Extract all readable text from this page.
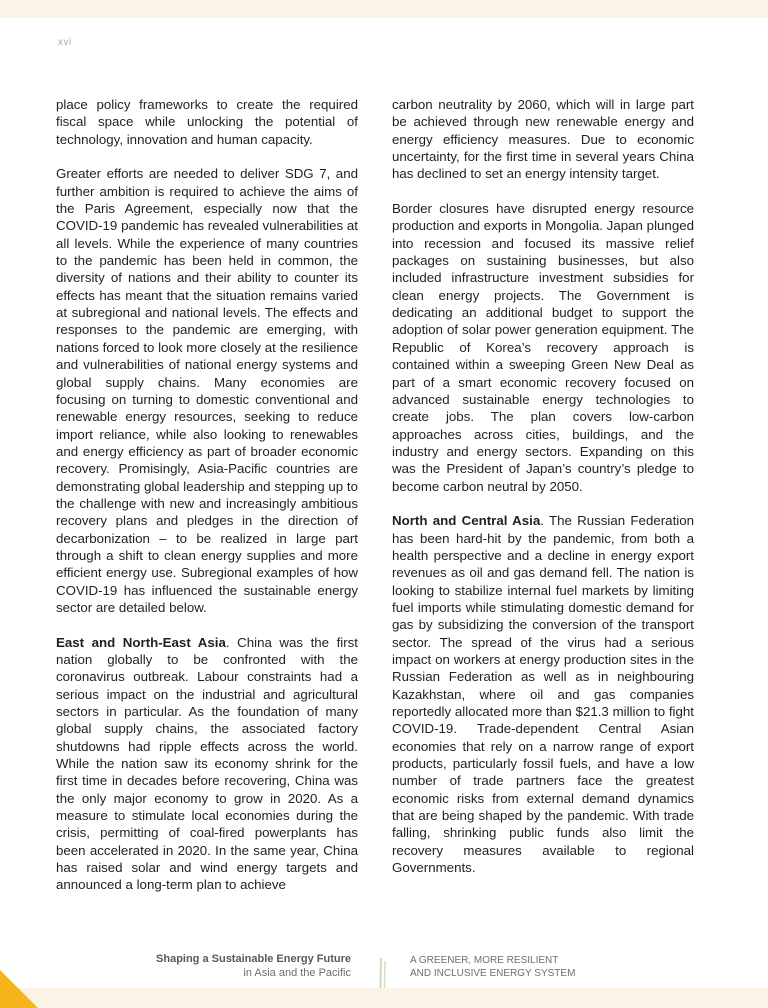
xvi

place policy frameworks to create the required fiscal space while unlocking the potential of technology, innovation and human capacity.

Greater efforts are needed to deliver SDG 7, and further ambition is required to achieve the aims of the Paris Agreement, especially now that the COVID-19 pandemic has revealed vulnerabilities at all levels. While the experience of many countries to the pandemic has been held in common, the diversity of nations and their ability to counter its effects has meant that the situation remains varied at subregional and national levels. The effects and responses to the pandemic are emerging, with nations forced to look more closely at the resilience and vulnerabilities of national energy systems and global supply chains. Many economies are focusing on turning to domestic conventional and renewable energy resources, seeking to reduce import reliance, while also looking to renewables and energy efficiency as part of broader economic recovery. Promisingly, Asia-Pacific countries are demonstrating global leadership and stepping up to the challenge with new and increasingly ambitious recovery plans and pledges in the direction of decarbonization – to be realized in large part through a shift to clean energy supplies and more efficient energy use. Subregional examples of how COVID-19 has influenced the sustainable energy sector are detailed below.

East and North-East Asia. China was the first nation globally to be confronted with the coronavirus outbreak. Labour constraints had a serious impact on the industrial and agricultural sectors in particular. As the foundation of many global supply chains, the associated factory shutdowns had ripple effects across the world. While the nation saw its economy shrink for the first time in decades before recovering, China was the only major economy to grow in 2020. As a measure to stimulate local economies during the crisis, permitting of coal-fired powerplants has been accelerated in 2020. In the same year, China has raised solar and wind energy targets and announced a long-term plan to achieve

carbon neutrality by 2060, which will in large part be achieved through new renewable energy and energy efficiency measures. Due to economic uncertainty, for the first time in several years China has declined to set an energy intensity target.

Border closures have disrupted energy resource production and exports in Mongolia. Japan plunged into recession and focused its massive relief packages on sustaining businesses, but also included infrastructure investment subsidies for clean energy projects. The Government is dedicating an additional budget to support the adoption of solar power generation equipment. The Republic of Korea’s recovery approach is contained within a sweeping Green New Deal as part of a smart economic recovery focused on advanced sustainable energy technologies to create jobs. The plan covers low-carbon approaches across cities, buildings, and the industry and energy sectors. Expanding on this was the President of Japan’s country’s pledge to become carbon neutral by 2050.

North and Central Asia. The Russian Federation has been hard-hit by the pandemic, from both a health perspective and a decline in energy export revenues as oil and gas demand fell. The nation is looking to stabilize internal fuel markets by limiting fuel imports while stimulating domestic demand for gas by subsidizing the conversion of the transport sector. The spread of the virus had a serious impact on workers at energy production sites in the Russian Federation as well as in neighbouring Kazakhstan, where oil and gas companies reportedly allocated more than $21.3 million to fight COVID-19. Trade-dependent Central Asian economies that rely on a narrow range of export products, particularly fossil fuels, and have a low number of trade partners face the greatest economic risks from external demand dynamics that are being shaped by the pandemic. With trade falling, shrinking public funds also limit the recovery measures available to regional Governments.

Shaping a Sustainable Energy Future
in Asia and the Pacific
A GREENER, MORE RESILIENT
AND INCLUSIVE ENERGY SYSTEM
